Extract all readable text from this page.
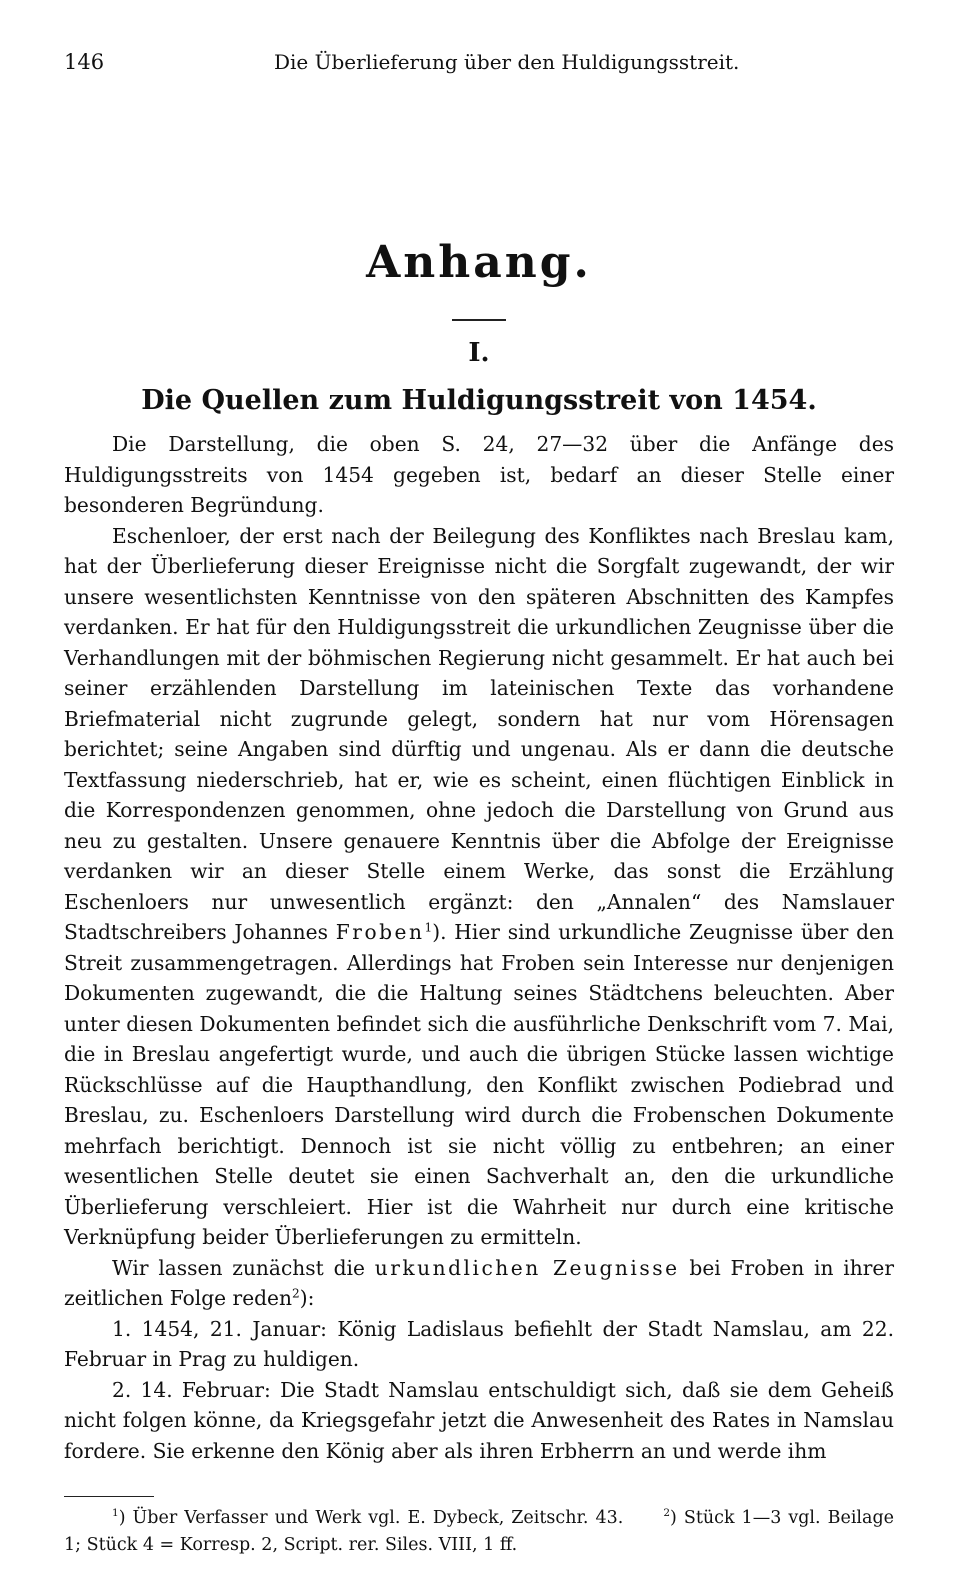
146	Die Überlieferung über den Huldigungsstreit.
Anhang.
I.
Die Quellen zum Huldigungsstreit von 1454.

Die Darstellung, die oben S. 24, 27—32 über die Anfänge des Huldigungsstreits von 1454 gegeben ist, bedarf an dieser Stelle einer besonderen Begründung.

Eschenloer, der erst nach der Beilegung des Konfliktes nach Breslau kam, hat der Überlieferung dieser Ereignisse nicht die Sorgfalt zugewandt, der wir unsere wesentlichsten Kenntnisse von den späteren Abschnitten des Kampfes verdanken. Er hat für den Huldigungsstreit die urkundlichen Zeugnisse über die Verhandlungen mit der böhmischen Regierung nicht gesammelt. Er hat auch bei seiner erzählenden Darstellung im lateinischen Texte das vorhandene Briefmaterial nicht zugrunde gelegt, sondern hat nur vom Hörensagen berichtet; seine Angaben sind dürftig und ungenau. Als er dann die deutsche Textfassung niederschrieb, hat er, wie es scheint, einen flüchtigen Einblick in die Korrespondenzen genommen, ohne jedoch die Darstellung von Grund aus neu zu gestalten. Unsere genauere Kenntnis über die Abfolge der Ereignisse verdanken wir an dieser Stelle einem Werke, das sonst die Erzählung Eschenloers nur unwesentlich ergänzt: den „Annalen“ des Namslauer Stadtschreibers Johannes Froben$^1$). Hier sind urkundliche Zeugnisse über den Streit zusammengetragen. Allerdings hat Froben sein Interesse nur denjenigen Dokumenten zugewandt, die die Haltung seines Städtchens beleuchten. Aber unter diesen Dokumenten befindet sich die ausführliche Denkschrift vom 7. Mai, die in Breslau angefertigt wurde, und auch die übrigen Stücke lassen wichtige Rückschlüsse auf die Haupthandlung, den Konflikt zwischen Podiebrad und Breslau, zu. Eschenloers Darstellung wird durch die Frobenschen Dokumente mehrfach berichtigt. Dennoch ist sie nicht völlig zu entbehren; an einer wesentlichen Stelle deutet sie einen Sachverhalt an, den die urkundliche Überlieferung verschleiert. Hier ist die Wahrheit nur durch eine kritische Verknüpfung beider Überlieferungen zu ermitteln.

Wir lassen zunächst die urkundlichen Zeugnisse bei Froben in ihrer zeitlichen Folge reden$^2$):

1. 1454, 21. Januar: König Ladislaus befiehlt der Stadt Namslau, am 22. Februar in Prag zu huldigen.

2. 14. Februar: Die Stadt Namslau entschuldigt sich, daß sie dem Geheiß nicht folgen könne, da Kriegsgefahr jetzt die Anwesenheit des Rates in Namslau fordere. Sie erkenne den König aber als ihren Erbherrn an und werde ihm

$^1$) Über Verfasser und Werk vgl. E. Dybeck, Zeitschr. 43.	$^2$) Stück 1—3 vgl. Beilage 1; Stück 4 = Korresp. 2, Script. rer. Siles. VIII, 1 ff.
